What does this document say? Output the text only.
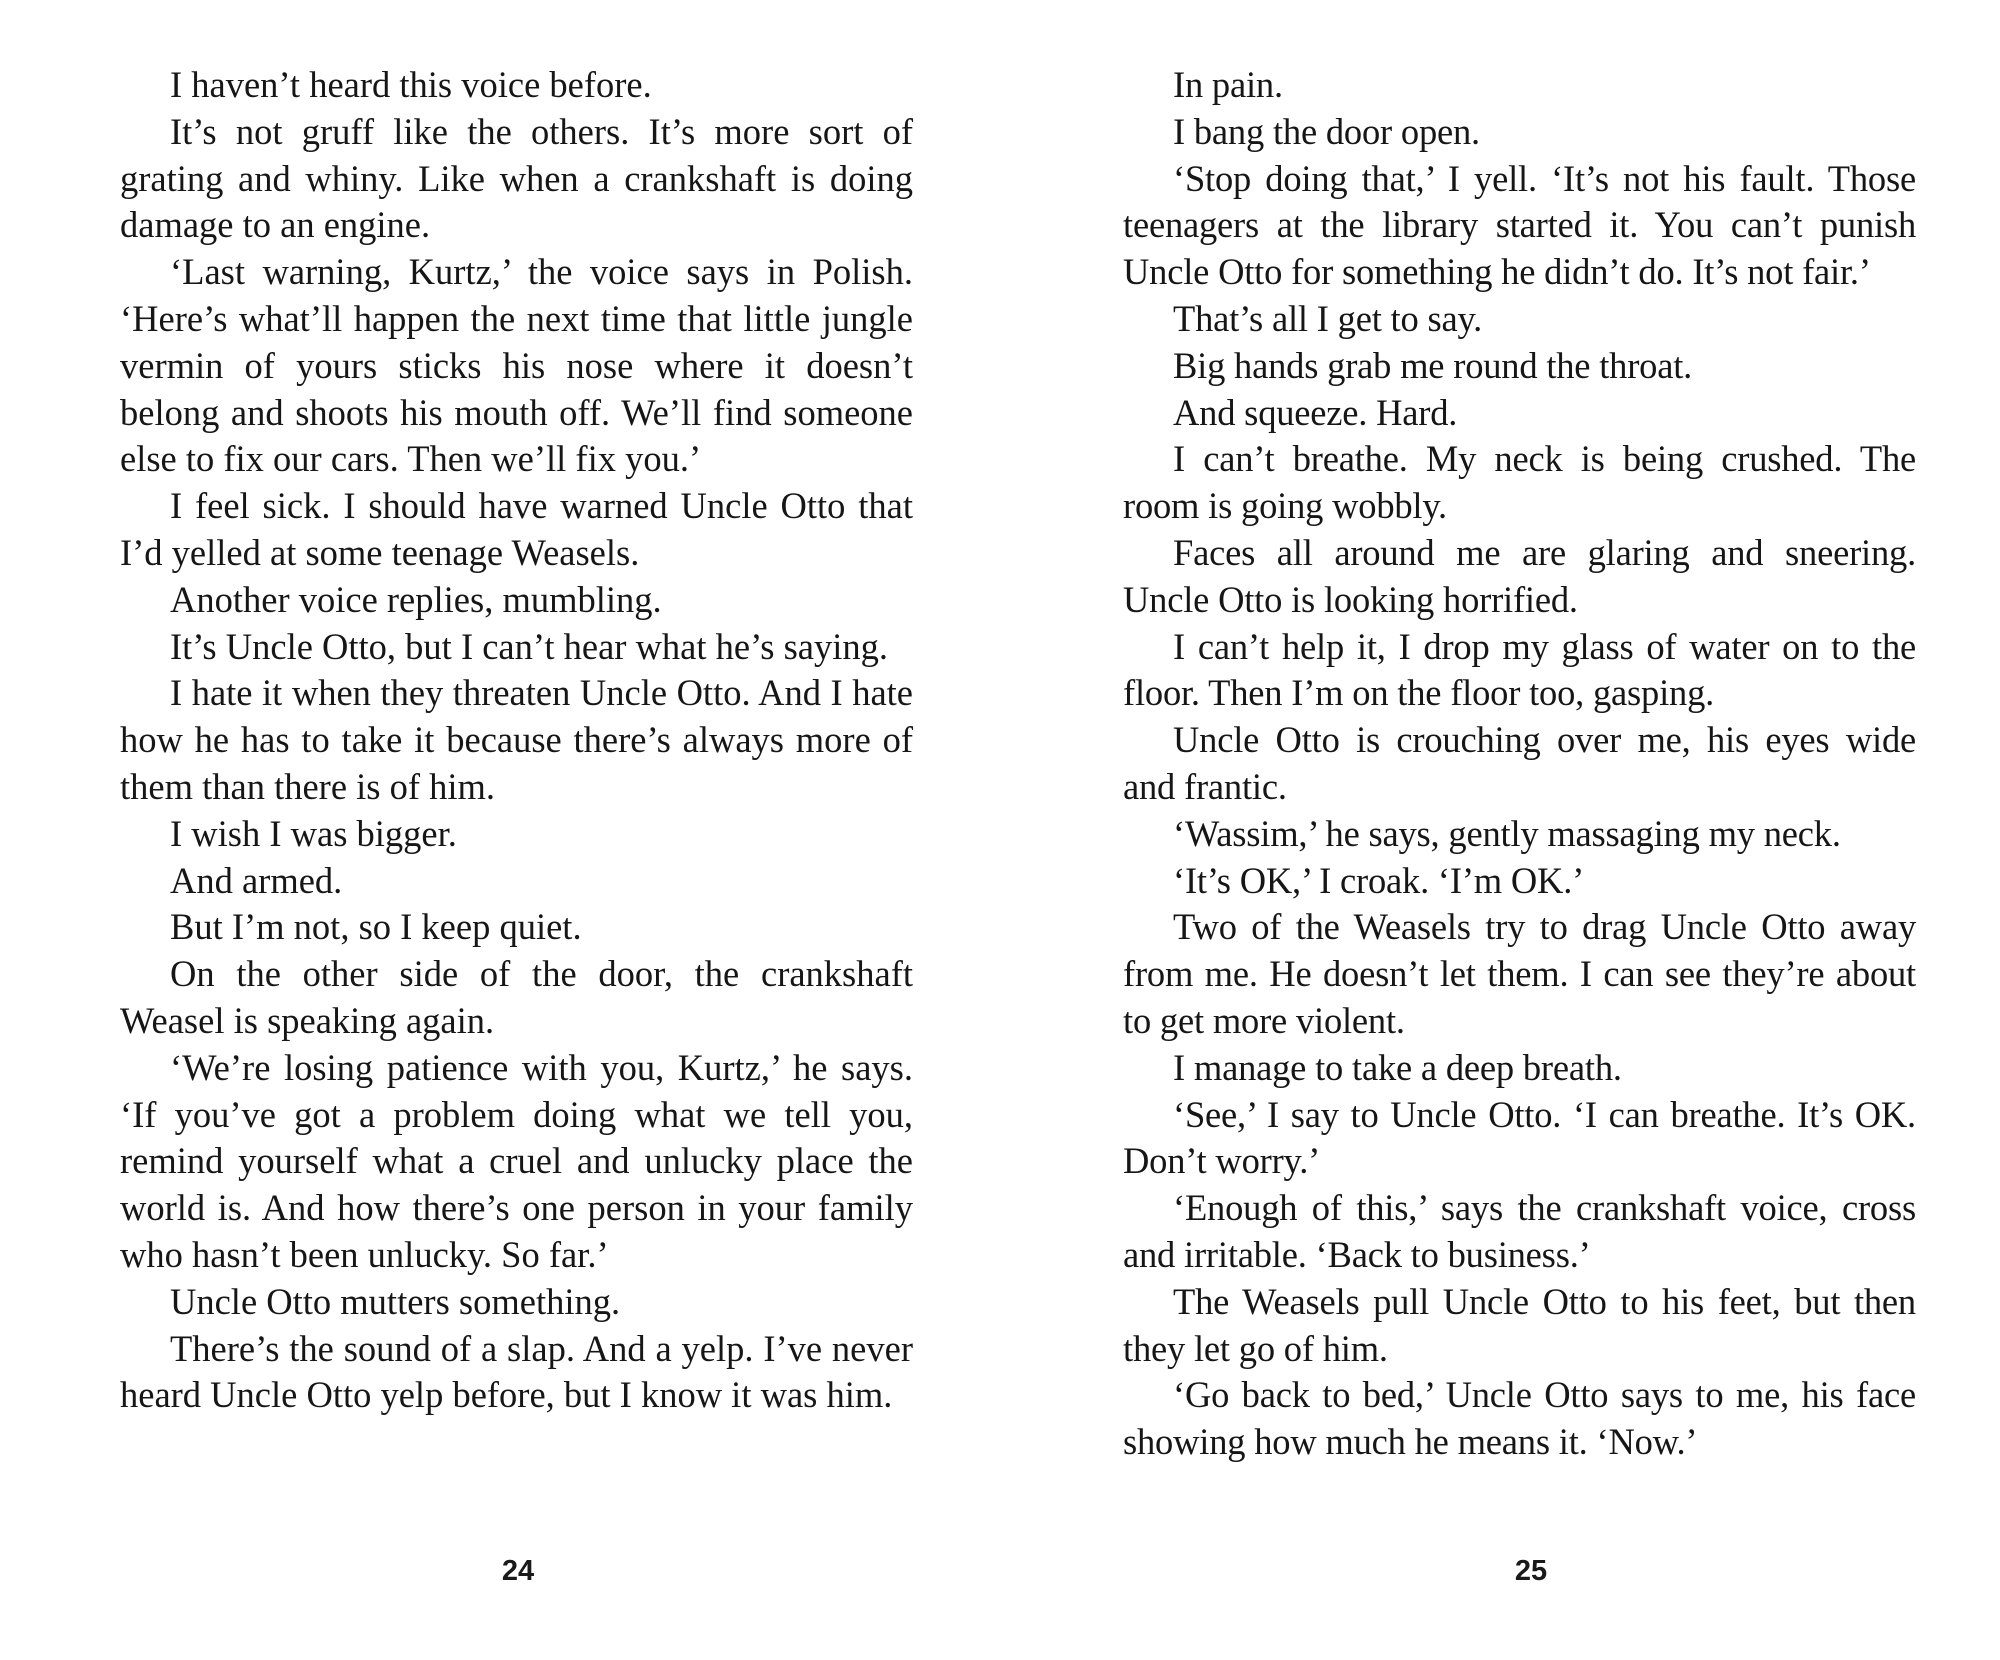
I haven’t heard this voice before.

It’s not gruff like the others. It’s more sort of grating and whiny. Like when a crankshaft is doing damage to an engine.

‘Last warning, Kurtz,’ the voice says in Polish. ‘Here’s what’ll happen the next time that little jungle vermin of yours sticks his nose where it doesn’t belong and shoots his mouth off. We’ll find someone else to fix our cars. Then we’ll fix you.’

I feel sick. I should have warned Uncle Otto that I’d yelled at some teenage Weasels.

Another voice replies, mumbling.

It’s Uncle Otto, but I can’t hear what he’s saying.

I hate it when they threaten Uncle Otto. And I hate how he has to take it because there’s always more of them than there is of him.

I wish I was bigger.

And armed.

But I’m not, so I keep quiet.

On the other side of the door, the crankshaft Weasel is speaking again.

‘We’re losing patience with you, Kurtz,’ he says. ‘If you’ve got a problem doing what we tell you, remind yourself what a cruel and unlucky place the world is. And how there’s one person in your family who hasn’t been unlucky. So far.’

Uncle Otto mutters something.

There’s the sound of a slap. And a yelp. I’ve never heard Uncle Otto yelp before, but I know it was him.

24

In pain.

I bang the door open.

‘Stop doing that,’ I yell. ‘It’s not his fault. Those teenagers at the library started it. You can’t punish Uncle Otto for something he didn’t do. It’s not fair.’

That’s all I get to say.

Big hands grab me round the throat.

And squeeze. Hard.

I can’t breathe. My neck is being crushed. The room is going wobbly.

Faces all around me are glaring and sneering. Uncle Otto is looking horrified.

I can’t help it, I drop my glass of water on to the floor. Then I’m on the floor too, gasping.

Uncle Otto is crouching over me, his eyes wide and frantic.

‘Wassim,’ he says, gently massaging my neck.

‘It’s OK,’ I croak. ‘I’m OK.’

Two of the Weasels try to drag Uncle Otto away from me. He doesn’t let them. I can see they’re about to get more violent.

I manage to take a deep breath.

‘See,’ I say to Uncle Otto. ‘I can breathe. It’s OK. Don’t worry.’

‘Enough of this,’ says the crankshaft voice, cross and irritable. ‘Back to business.’

The Weasels pull Uncle Otto to his feet, but then they let go of him.

‘Go back to bed,’ Uncle Otto says to me, his face showing how much he means it. ‘Now.’

25
